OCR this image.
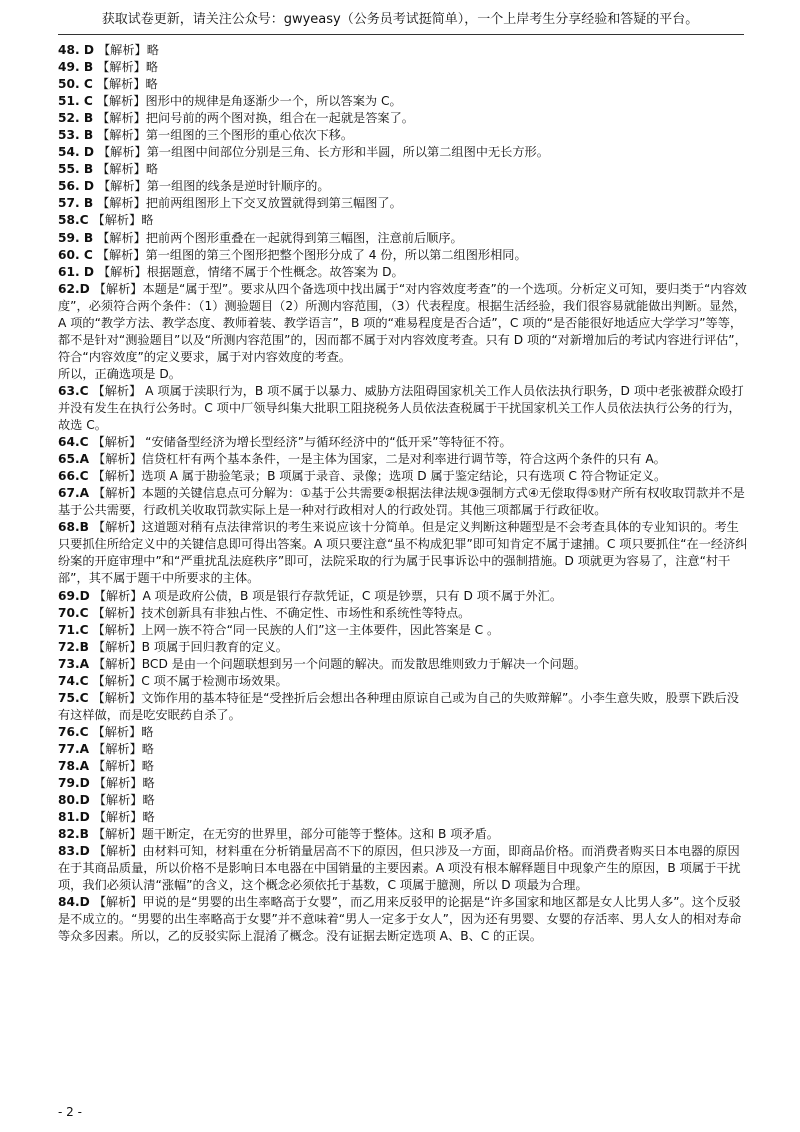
获取试卷更新，请关注公众号：gwyeasy（公务员考试挺简单），一个上岸考生分享经验和答疑的平台。
48. D 【解析】略
49. B 【解析】略
50. C 【解析】略
51. C 【解析】图形中的规律是角逐渐少一个，所以答案为 C。
52. B 【解析】把问号前的两个图对换，组合在一起就是答案了。
53. B 【解析】第一组图的三个图形的重心依次下移。
54. D 【解析】第一组图中间部位分别是三角、长方形和半圆，所以第二组图中无长方形。
55. B 【解析】略
56. D 【解析】第一组图的线条是逆时针顺序的。
57. B 【解析】把前两组图形上下交叉放置就得到第三幅图了。
58.C 【解析】略
59. B 【解析】把前两个图形重叠在一起就得到第三幅图，注意前后顺序。
60. C 【解析】第一组图的第三个图形把整个图形分成了 4 份，所以第二组图形相同。
61. D 【解析】根据题意，情绪不属于个性概念。故答案为 D。
62.D 【解析】本题是“属于型”。要求从四个备选项中找出属于“对内容效度考查”的一个选项。分析定义可知，要归类于“内容效度”，必须符合两个条件：（1）测验题目（2）所测内容范围，（3）代表程度。根据生活经验，我们很容易就能做出判断。显然，A 项的“教学方法、教学态度、教师着装、教学语言”，B 项的“难易程度是否合适”，C 项的“是否能很好地适应大学学习”等等，都不是针对“测验题目”以及“所测内容范围”的，因而都不属于对内容效度考查。只有 D 项的“对新增加后的考试内容进行评估”，符合“内容效度”的定义要求，属于对内容效度的考查。
所以，正确选项是 D。
63.C 【解析】 A 项属于渎职行为，B 项不属于以暴力、威胁方法阻碍国家机关工作人员依法执行职务，D 项中老张被群众殴打并没有发生在执行公务时。C 项中厂领导纠集大批职工阻挠税务人员依法查税属于干扰国家机关工作人员依法执行公务的行为，故选 C。
64.C 【解析】 “安储备型经济为增长型经济”与循环经济中的“低开采”等特征不符。
65.A 【解析】信贷杠杆有两个基本条件，一是主体为国家，二是对利率进行调节等，符合这两个条件的只有 A。
66.C 【解析】选项 A 属于勘验笔录；B 项属于录音、录像；选项 D 属于鉴定结论，只有选项 C 符合物证定义。
67.A 【解析】本题的关键信息点可分解为：①基于公共需要②根据法律法规③强制方式④无偿取得⑤财产所有权收取罚款并不是基于公共需要，行政机关收取罚款实际上是一种对行政相对人的行政处罚。其他三项都属于行政征收。
68.B 【解析】这道题对稍有点法律常识的考生来说应该十分简单。但是定义判断这种题型是不会考查具体的专业知识的。考生只要抓住所给定义中的关键信息即可得出答案。A 项只要注意“虽不构成犯罪”即可知肯定不属于逮捕。C 项只要抓住“在一经济纠纷案的开庭审理中”和“严重扰乱法庭秩序”即可，法院采取的行为属于民事诉讼中的强制措施。D 项就更为容易了，注意“村干部”，其不属于题干中所要求的主体。
69.D 【解析】A 项是政府公债，B 项是银行存款凭证，C 项是钞票，只有 D 项不属于外汇。
70.C 【解析】技术创新具有非独占性、不确定性、市场性和系统性等特点。
71.C 【解析】上网一族不符合“同一民族的人们”这一主体要件，因此答案是 C 。
72.B 【解析】B 项属于回归教育的定义。
73.A 【解析】BCD 是由一个问题联想到另一个问题的解决。而发散思维则致力于解决一个问题。
74.C 【解析】C 项不属于检测市场效果。
75.C 【解析】文饰作用的基本特征是“受挫折后会想出各种理由原谅自己或为自己的失败辩解”。小李生意失败，股票下跌后没有这样做，而是吃安眠药自杀了。
76.C 【解析】略
77.A 【解析】略
78.A 【解析】略
79.D 【解析】略
80.D 【解析】略
81.D 【解析】略
82.B 【解析】题干断定，在无穷的世界里，部分可能等于整体。这和 B 项矛盾。
83.D 【解析】由材料可知，材料重在分析销量居高不下的原因，但只涉及一方面，即商品价格。而消费者购买日本电器的原因在于其商品质量，所以价格不是影响日本电器在中国销量的主要因素。A 项没有根本解释题目中现象产生的原因，B 项属于干扰项，我们必须认清“涨幅”的含义，这个概念必须依托于基数，C 项属于臆测，所以 D 项最为合理。
84.D 【解析】甲说的是“男婴的出生率略高于女婴”，而乙用来反驳甲的论据是“许多国家和地区都是女人比男人多”。这个反驳是不成立的。“男婴的出生率略高于女婴”并不意味着“男人一定多于女人”，因为还有男婴、女婴的存活率、男人女人的相对寿命等众多因素。所以，乙的反驳实际上混淆了概念。没有证据去断定选项 A、B、C 的正误。
- 2 -
